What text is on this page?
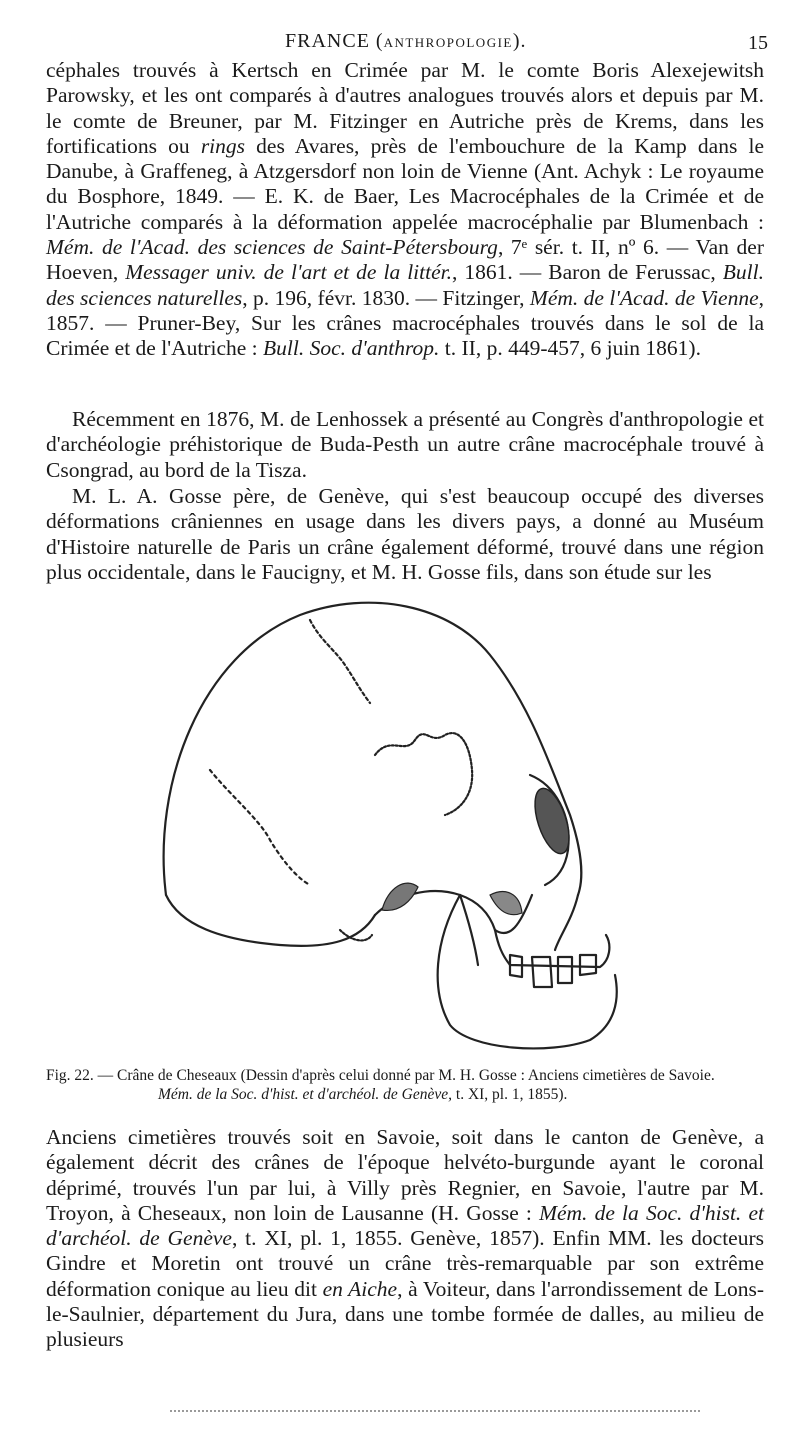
FRANCE (ANTHROPOLOGIE).	15

céphales trouvés à Kertsch en Crimée par M. le comte Boris Alexejewitsh Parowsky, et les ont comparés à d'autres analogues trouvés alors et depuis par M. le comte de Breuner, par M. Fitzinger en Autriche près de Krems, dans les fortifications ou rings des Avares, près de l'embouchure de la Kamp dans le Danube, à Graffeneg, à Atzgersdorf non loin de Vienne (Ant. Achyk : Le royaume du Bosphore, 1849. — E. K. de Baer, Les Macrocéphales de la Crimée et de l'Autriche comparés à la déformation appelée macrocéphalie par Blumenbach : Mém. de l'Acad. des sciences de Saint-Pétersbourg, 7ᵉ sér. t. II, nº 6. — Van der Hoeven, Messager univ. de l'art et de la littér., 1861. — Baron de Ferussac, Bull. des sciences naturelles, p. 196, févr. 1830. — Fitzinger, Mém. de l'Acad. de Vienne, 1857. — Pruner-Bey, Sur les crânes macrocéphales trouvés dans le sol de la Crimée et de l'Autriche : Bull. Soc. d'anthrop. t. II, p. 449-457, 6 juin 1861).

Récemment en 1876, M. de Lenhossek a présenté au Congrès d'anthropologie et d'archéologie préhistorique de Buda-Pesth un autre crâne macrocéphale trouvé à Csongrad, au bord de la Tisza.

M. L. A. Gosse père, de Genève, qui s'est beaucoup occupé des diverses déformations crâniennes en usage dans les divers pays, a donné au Muséum d'Histoire naturelle de Paris un crâne également déformé, trouvé dans une région plus occidentale, dans le Faucigny, et M. H. Gosse fils, dans son étude sur les

Fig. 22. — Crâne de Cheseaux (Dessin d'après celui donné par M. H. Gosse : Anciens cimetières de Savoie.
Mém. de la Soc. d'hist. et d'archéol. de Genève, t. XI, pl. 1, 1855).

Anciens cimetières trouvés soit en Savoie, soit dans le canton de Genève, a également décrit des crânes de l'époque helvéto-burgunde ayant le coronal déprimé, trouvés l'un par lui, à Villy près Regnier, en Savoie, l'autre par M. Troyon, à Cheseaux, non loin de Lausanne (H. Gosse : Mém. de la Soc. d'hist. et d'archéol. de Genève, t. XI, pl. 1, 1855. Genève, 1857). Enfin MM. les docteurs Gindre et Moretin ont trouvé un crâne très-remarquable par son extrême déformation conique au lieu dit en Aiche, à Voiteur, dans l'arrondissement de Lons-le-Saulnier, département du Jura, dans une tombe formée de dalles, au milieu de plusieurs
